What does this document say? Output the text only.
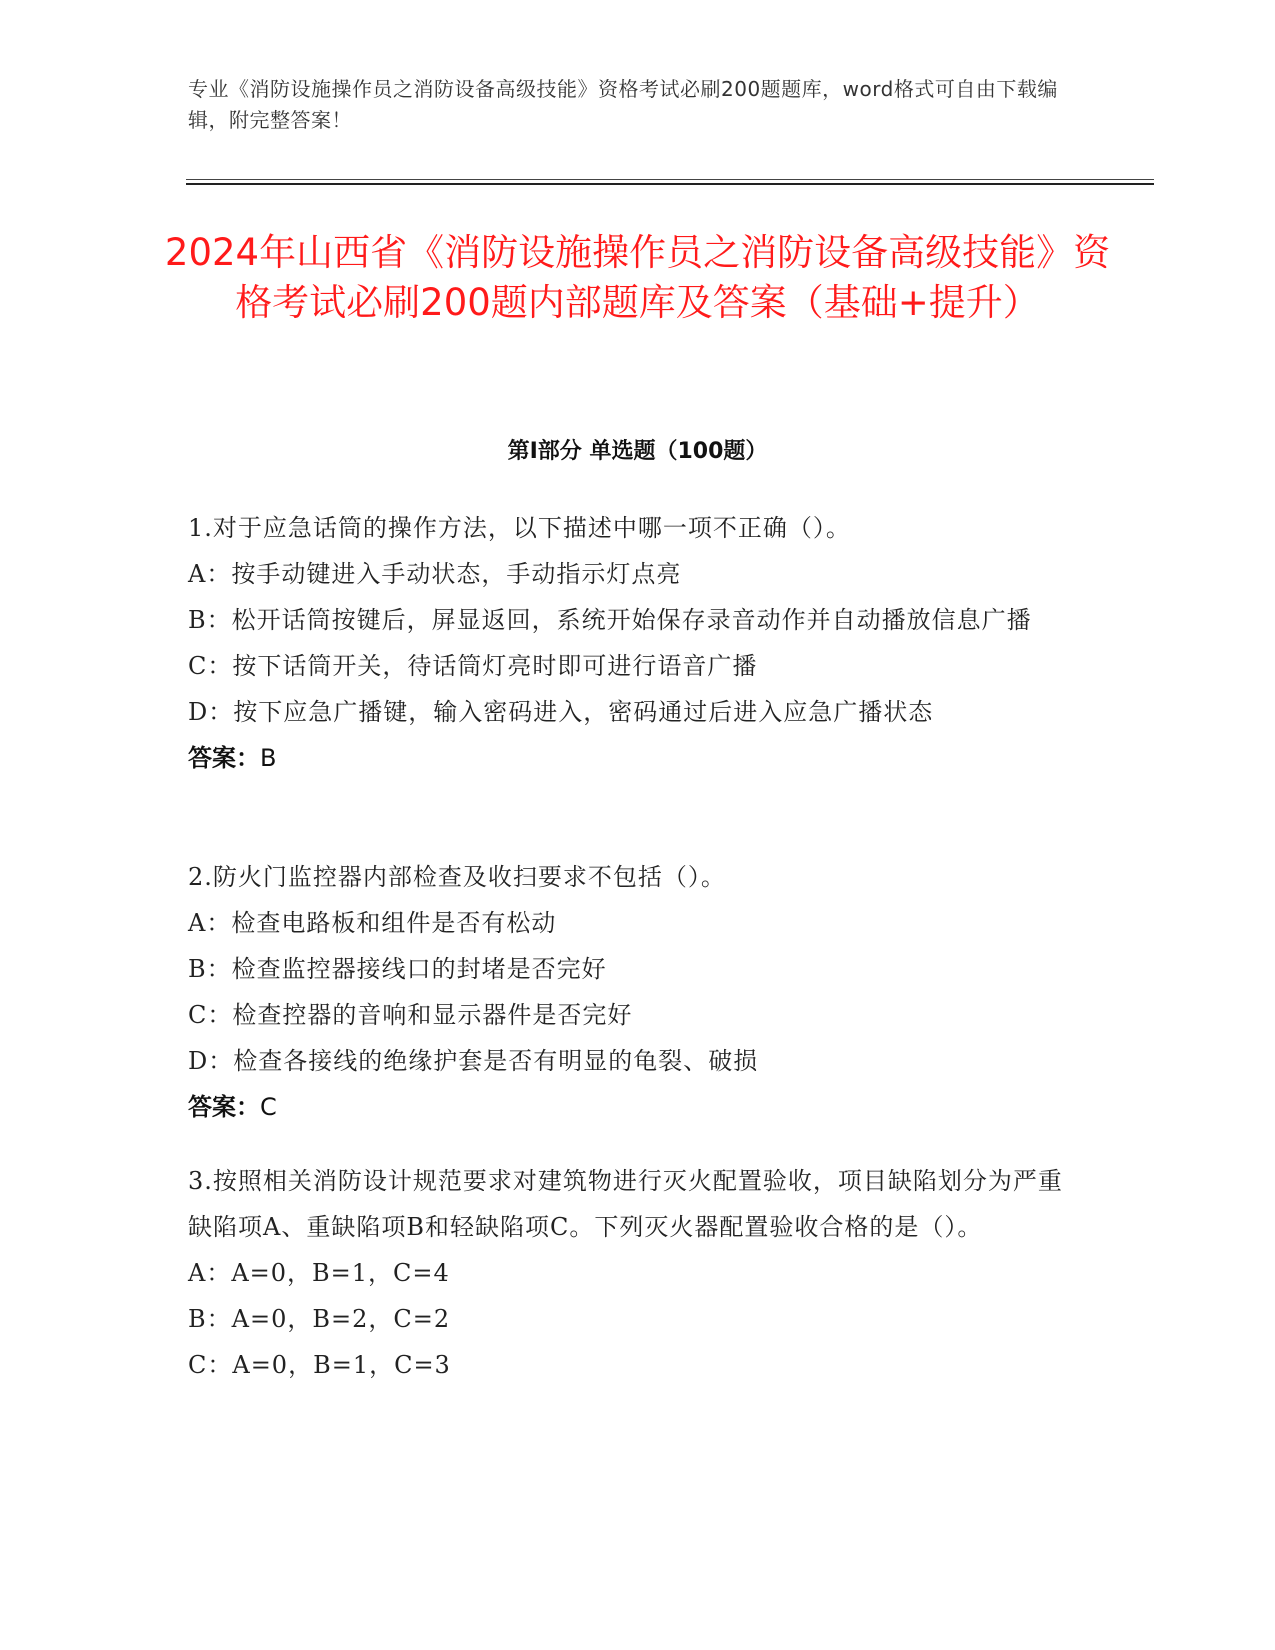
专业《消防设施操作员之消防设备高级技能》资格考试必刷200题题库，word格式可自由下载编辑，附完整答案！
2024年山西省《消防设施操作员之消防设备高级技能》资格考试必刷200题内部题库及答案（基础+提升）
第Ⅰ部分 单选题（100题）
1.对于应急话筒的操作方法，以下描述中哪一项不正确（）。
A：按手动键进入手动状态，手动指示灯点亮
B：松开话筒按键后，屏显返回，系统开始保存录音动作并自动播放信息广播
C：按下话筒开关，待话筒灯亮时即可进行语音广播
D：按下应急广播键，输入密码进入，密码通过后进入应急广播状态
答案：B
2.防火门监控器内部检查及收扫要求不包括（）。
A：检查电路板和组件是否有松动
B：检查监控器接线口的封堵是否完好
C：检查控器的音响和显示器件是否完好
D：检查各接线的绝缘护套是否有明显的龟裂、破损
答案：C
3.按照相关消防设计规范要求对建筑物进行灭火配置验收，项目缺陷划分为严重缺陷项A、重缺陷项B和轻缺陷项C。下列灭火器配置验收合格的是（）。
A：A=0，B=1，C=4
B：A=0，B=2，C=2
C：A=0，B=1，C=3
